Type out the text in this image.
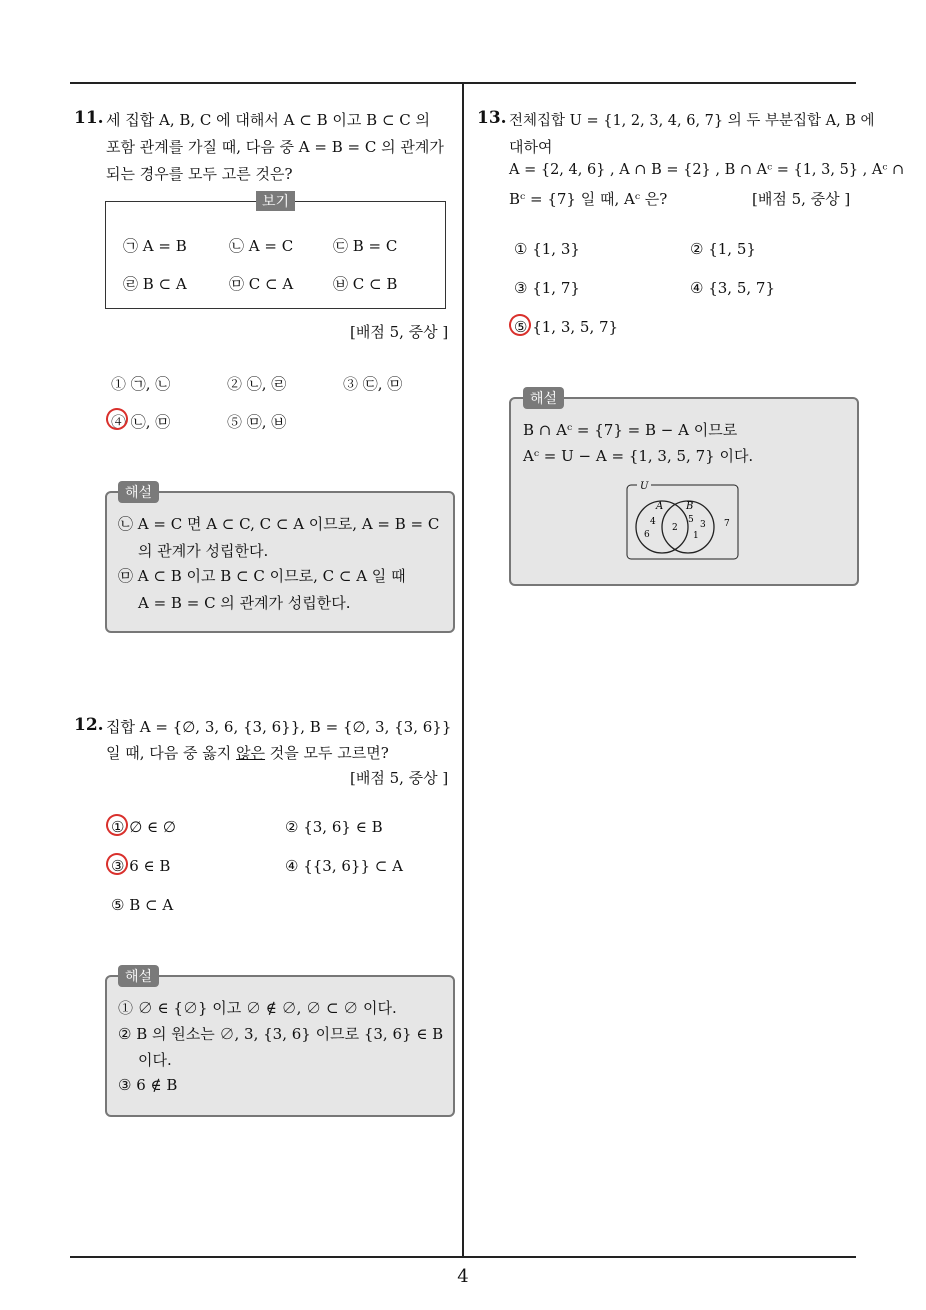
4
11. 세 집합 A, B, C 에 대해서 A ⊂ B 이고 B ⊂ C 의
포함 관계를 가질 때, 다음 중 A = B = C 의 관계가
되는 경우를 모두 고른 것은?
보기
㉠ A = B	㉡ A = C	㉢ B = C
㉣ B ⊂ A	㉤ C ⊂ A	㉥ C ⊂ B
[배점 5, 중상 ]
① ㉠, ㉡	② ㉡, ㉣	③ ㉢, ㉤
④ ㉡, ㉤	⑤ ㉤, ㉥
해설
㉡ A = C 면 A ⊂ C, C ⊂ A 이므로, A = B = C
의 관계가 성립한다.
㉤ A ⊂ B 이고 B ⊂ C 이므로, C ⊂ A 일 때
A = B = C 의 관계가 성립한다.
12. 집합 A = {∅, 3, 6, {3, 6}}, B = {∅, 3, {3, 6}}
일 때, 다음 중 옳지 않은 것을 모두 고르면?
[배점 5, 중상 ]
① ∅ ∈ ∅	② {3, 6} ∈ B
③ 6 ∈ B	④ {{3, 6}} ⊂ A
⑤ B ⊂ A
해설
① ∅ ∈ {∅} 이고 ∅ ∉ ∅, ∅ ⊂ ∅ 이다.
② B 의 원소는 ∅, 3, {3, 6} 이므로 {3, 6} ∈ B
이다.
③ 6 ∉ B
13. 전체집합 U = {1, 2, 3, 4, 6, 7} 의 두 부분집합 A, B 에
대하여
A = {2, 4, 6} , A ∩ B = {2} , B ∩ Aᶜ = {1, 3, 5} , Aᶜ ∩
Bᶜ = {7} 일 때, Aᶜ 은?	[배점 5, 중상 ]
① {1, 3}	② {1, 5}
③ {1, 7}	④ {3, 5, 7}
⑤ {1, 3, 5, 7}
해설
B ∩ Aᶜ = {7} = B − A 이므로
Aᶜ = U − A = {1, 3, 5, 7} 이다.
U
A B
4
6
2
5 3
1
7
